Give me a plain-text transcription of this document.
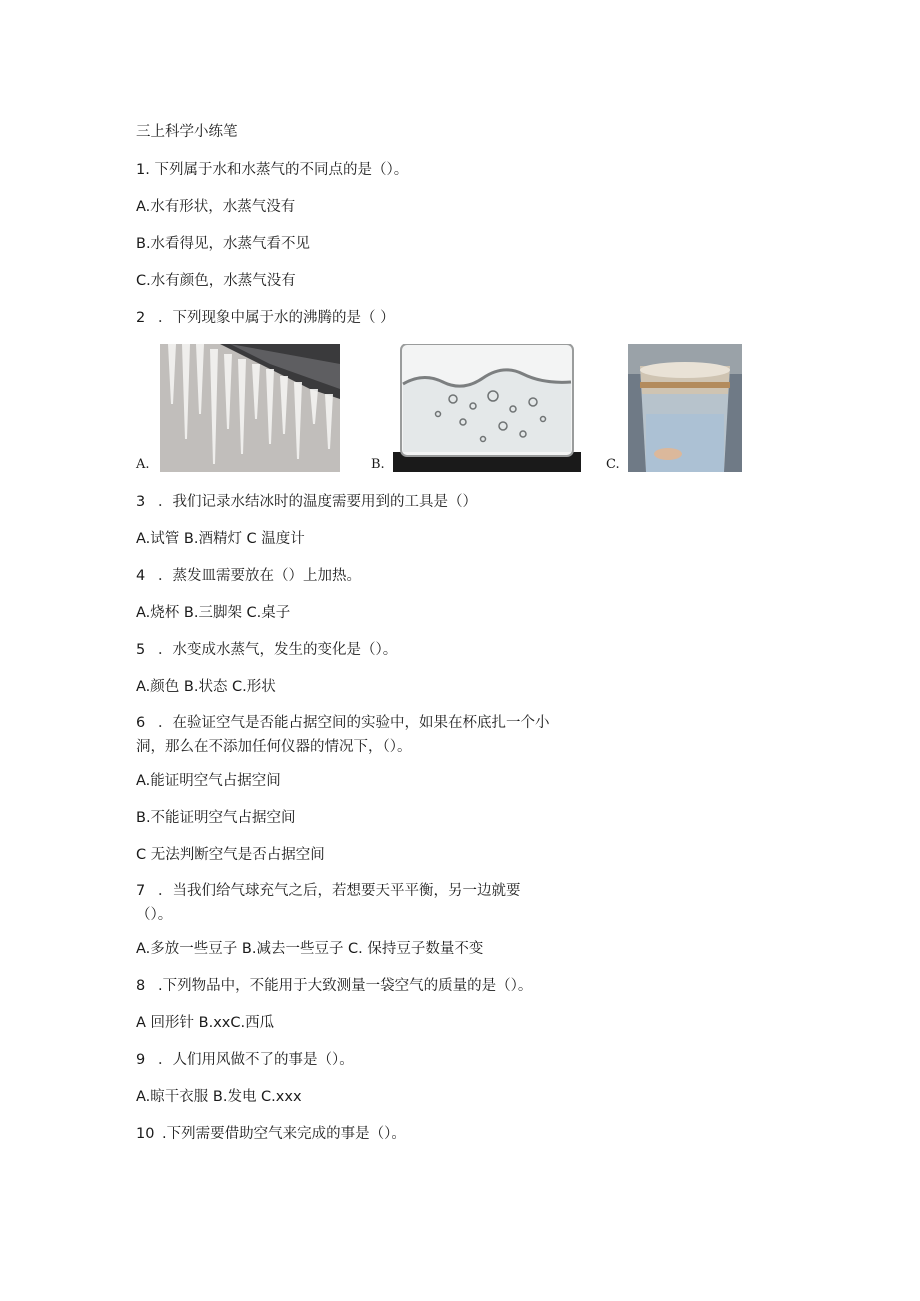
三上科学小练笔
1. 下列属于水和水蒸气的不同点的是（）。
A.水有形状，水蒸气没有
B.水看得见，水蒸气看不见
C.水有颜色，水蒸气没有
2 ．下列现象中属于水的沸腾的是（ ）
A.	B.	C.
3 ．我们记录水结冰时的温度需要用到的工具是（）
A.试管 B.酒精灯 C 温度计
4 ．蒸发皿需要放在（）上加热。
A.烧杯 B.三脚架 C.桌子
5 ．水变成水蒸气，发生的变化是（）。
A.颜色 B.状态 C.形状
6 ．在验证空气是否能占据空间的实验中，如果在杯底扎一个小洞，那么在不添加任何仪器的情况下，（）。
A.能证明空气占据空间
B.不能证明空气占据空间
C 无法判断空气是否占据空间
7 ．当我们给气球充气之后，若想要天平平衡，另一边就要（）。
A.多放一些豆子 B.减去一些豆子 C. 保持豆子数量不变
8 .下列物品中，不能用于大致测量一袋空气的质量的是（）。
A 回形针 B.xxC.西瓜
9 ．人们用风做不了的事是（）。
A.晾干衣服 B.发电 C.xxx
10 .下列需要借助空气来完成的事是（）。
